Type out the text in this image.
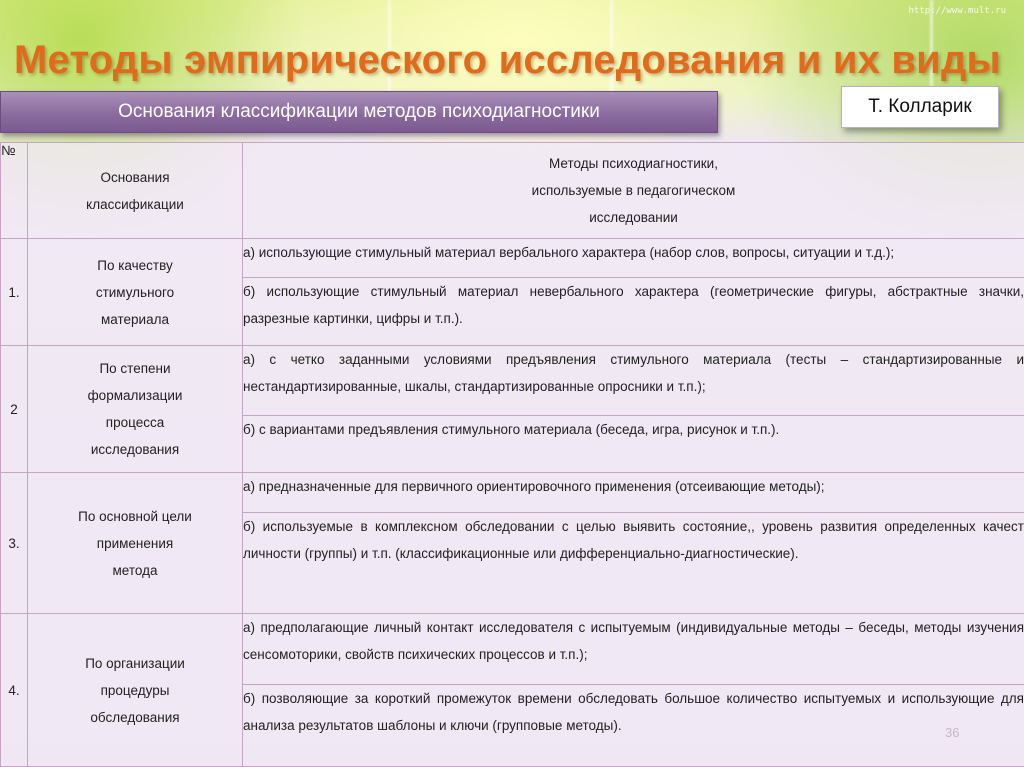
http://www.mult.ru
Методы эмпирического исследования и их виды
Основания классификации методов психодиагностики	Т. Колларик
№	Основания
классификации	Методы психодиагностики,
используемые в педагогическом
исследовании
1.	По качеству
стимульного
материала	а) использующие стимульный материал вербального характера (набор слов, вопросы, ситуации и т.д.);
		б) использующие стимульный материал невербального характера (геометрические фигуры, абстрактные значки, разрезные картинки, цифры и т.п.).
2	По степени
формализации
процесса
исследования	а) с четко заданными условиями предъявления стимульного материала (тесты – стандартизированные и нестандартизированные, шкалы, стандартизированные опросники и т.п.);
		б) с вариантами предъявления стимульного материала (беседа, игра, рисунок и т.п.).
3.	По основной цели
применения
метода	а) предназначенные для первичного ориентировочного применения (отсеивающие методы);
		б) используемые в комплексном обследовании с целью выявить состояние,, уровень развития определенных качест личности (группы) и т.п. (классификационные или дифференциально-диагностические).
4.	По организации
процедуры
обследования	а) предполагающие личный контакт исследователя с испытуемым (индивидуальные методы – беседы, методы изучения сенсомоторики, свойств психических процессов и т.п.);
		б) позволяющие за короткий промежуток времени обследовать большое количество испытуемых и использующие для анализа результатов шаблоны и ключи (групповые методы).	36
